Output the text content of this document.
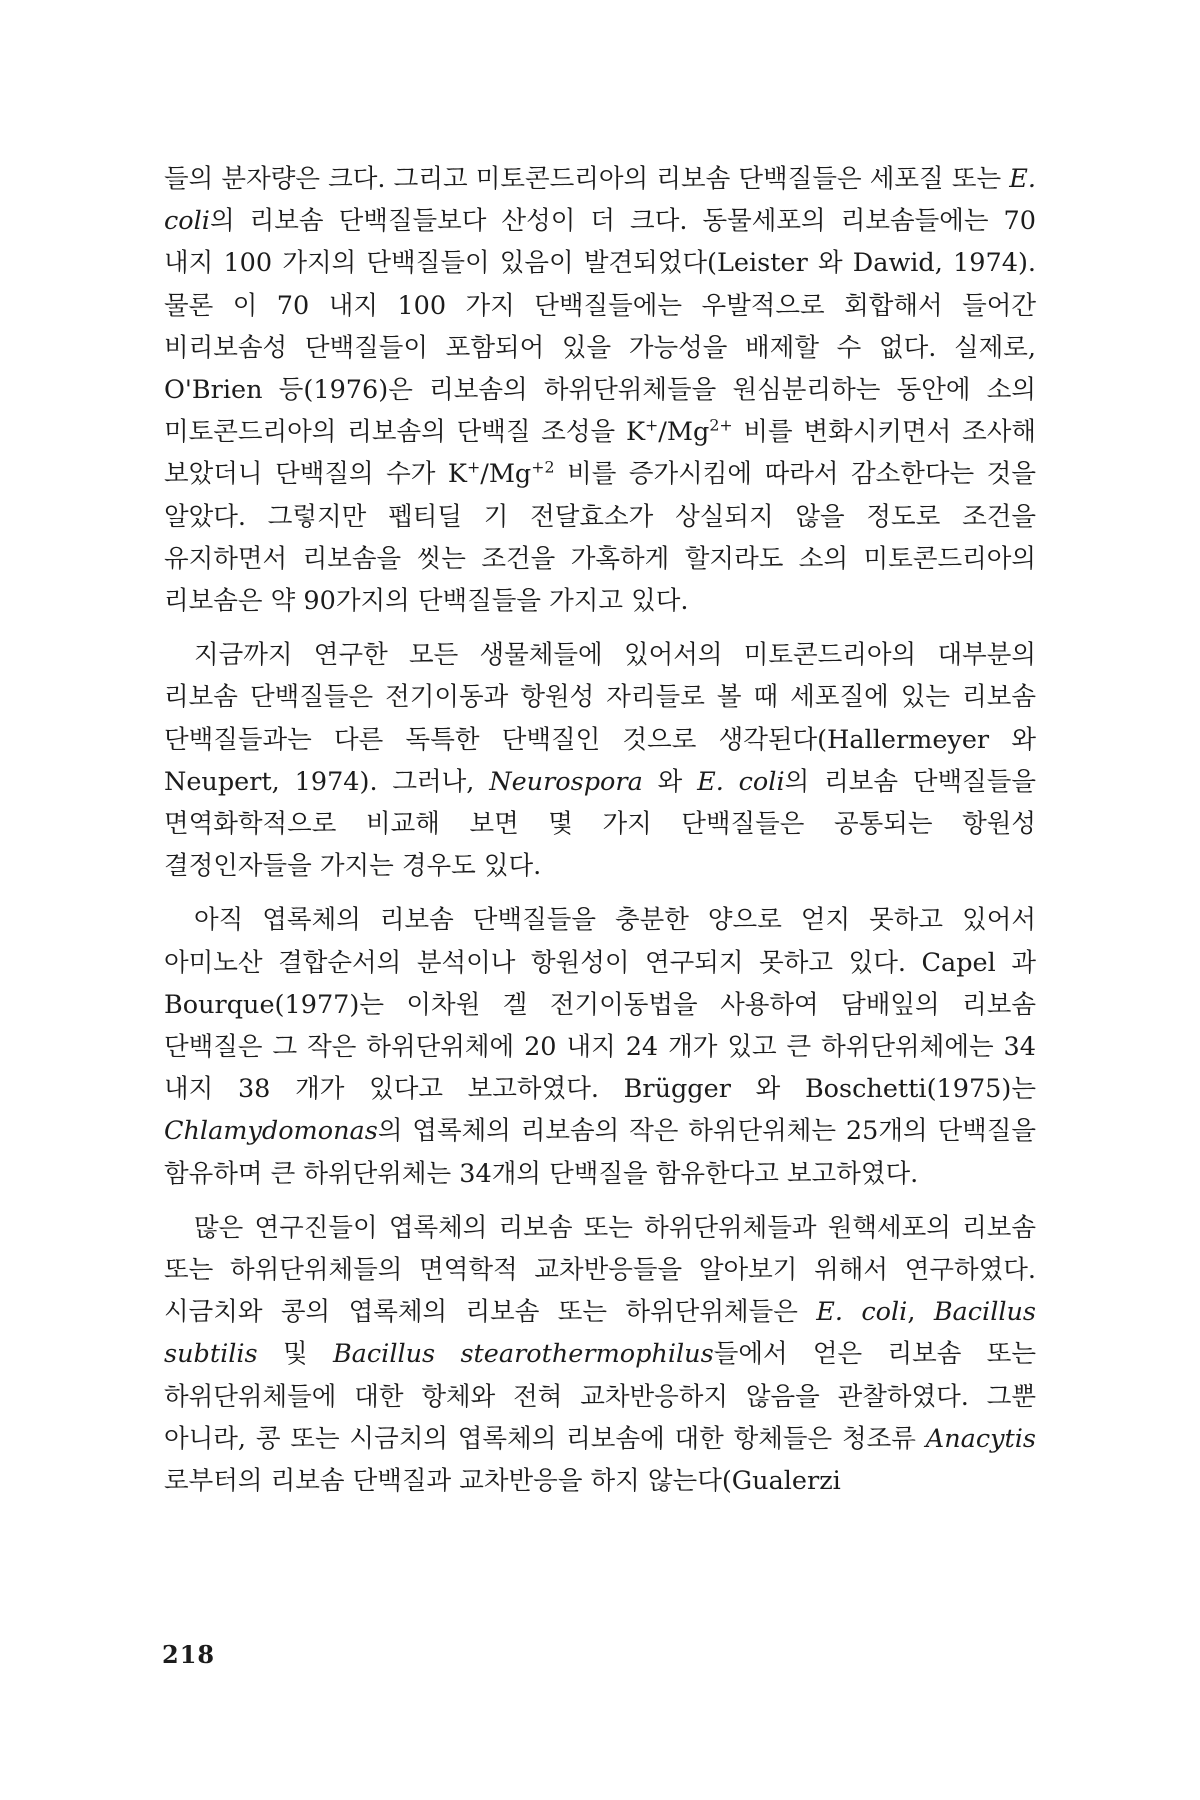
들의 분자량은 크다. 그리고 미토콘드리아의 리보솜 단백질들은 세포질 또는 E. coli의 리보솜 단백질들보다 산성이 더 크다. 동물세포의 리보솜들에는 70 내지 100 가지의 단백질들이 있음이 발견되었다(Leister 와 Dawid, 1974). 물론 이 70 내지 100 가지 단백질들에는 우발적으로 회합해서 들어간 비리보솜성 단백질들이 포함되어 있을 가능성을 배제할 수 없다. 실제로, O'Brien 등(1976)은 리보솜의 하위단위체들을 원심분리하는 동안에 소의 미토콘드리아의 리보솜의 단백질 조성을 $K^+/Mg^{2+}$ 비를 변화시키면서 조사해 보았더니 단백질의 수가 $K^+/Mg^{+2}$ 비를 증가시킴에 따라서 감소한다는 것을 알았다. 그렇지만 펩티딜 기 전달효소가 상실되지 않을 정도로 조건을 유지하면서 리보솜을 씻는 조건을 가혹하게 할지라도 소의 미토콘드리아의 리보솜은 약 90가지의 단백질들을 가지고 있다.

지금까지 연구한 모든 생물체들에 있어서의 미토콘드리아의 대부분의 리보솜 단백질들은 전기이동과 항원성 자리들로 볼 때 세포질에 있는 리보솜 단백질들과는 다른 독특한 단백질인 것으로 생각된다(Hallermeyer 와 Neupert, 1974). 그러나, Neurospora 와 E. coli의 리보솜 단백질들을 면역화학적으로 비교해 보면 몇 가지 단백질들은 공통되는 항원성 결정인자들을 가지는 경우도 있다.

아직 엽록체의 리보솜 단백질들을 충분한 양으로 얻지 못하고 있어서 아미노산 결합순서의 분석이나 항원성이 연구되지 못하고 있다. Capel 과 Bourque(1977)는 이차원 겔 전기이동법을 사용하여 담배잎의 리보솜 단백질은 그 작은 하위단위체에 20 내지 24 개가 있고 큰 하위단위체에는 34 내지 38 개가 있다고 보고하였다. Brügger 와 Boschetti(1975)는 Chlamydomonas의 엽록체의 리보솜의 작은 하위단위체는 25개의 단백질을 함유하며 큰 하위단위체는 34개의 단백질을 함유한다고 보고하였다.

많은 연구진들이 엽록체의 리보솜 또는 하위단위체들과 원핵세포의 리보솜 또는 하위단위체들의 면역학적 교차반응들을 알아보기 위해서 연구하였다. 시금치와 콩의 엽록체의 리보솜 또는 하위단위체들은 E. coli, Bacillus subtilis 및 Bacillus stearothermophilus들에서 얻은 리보솜 또는 하위단위체들에 대한 항체와 전혀 교차반응하지 않음을 관찰하였다. 그뿐 아니라, 콩 또는 시금치의 엽록체의 리보솜에 대한 항체들은 청조류 Anacytis 로부터의 리보솜 단백질과 교차반응을 하지 않는다(Gualerzi

218
